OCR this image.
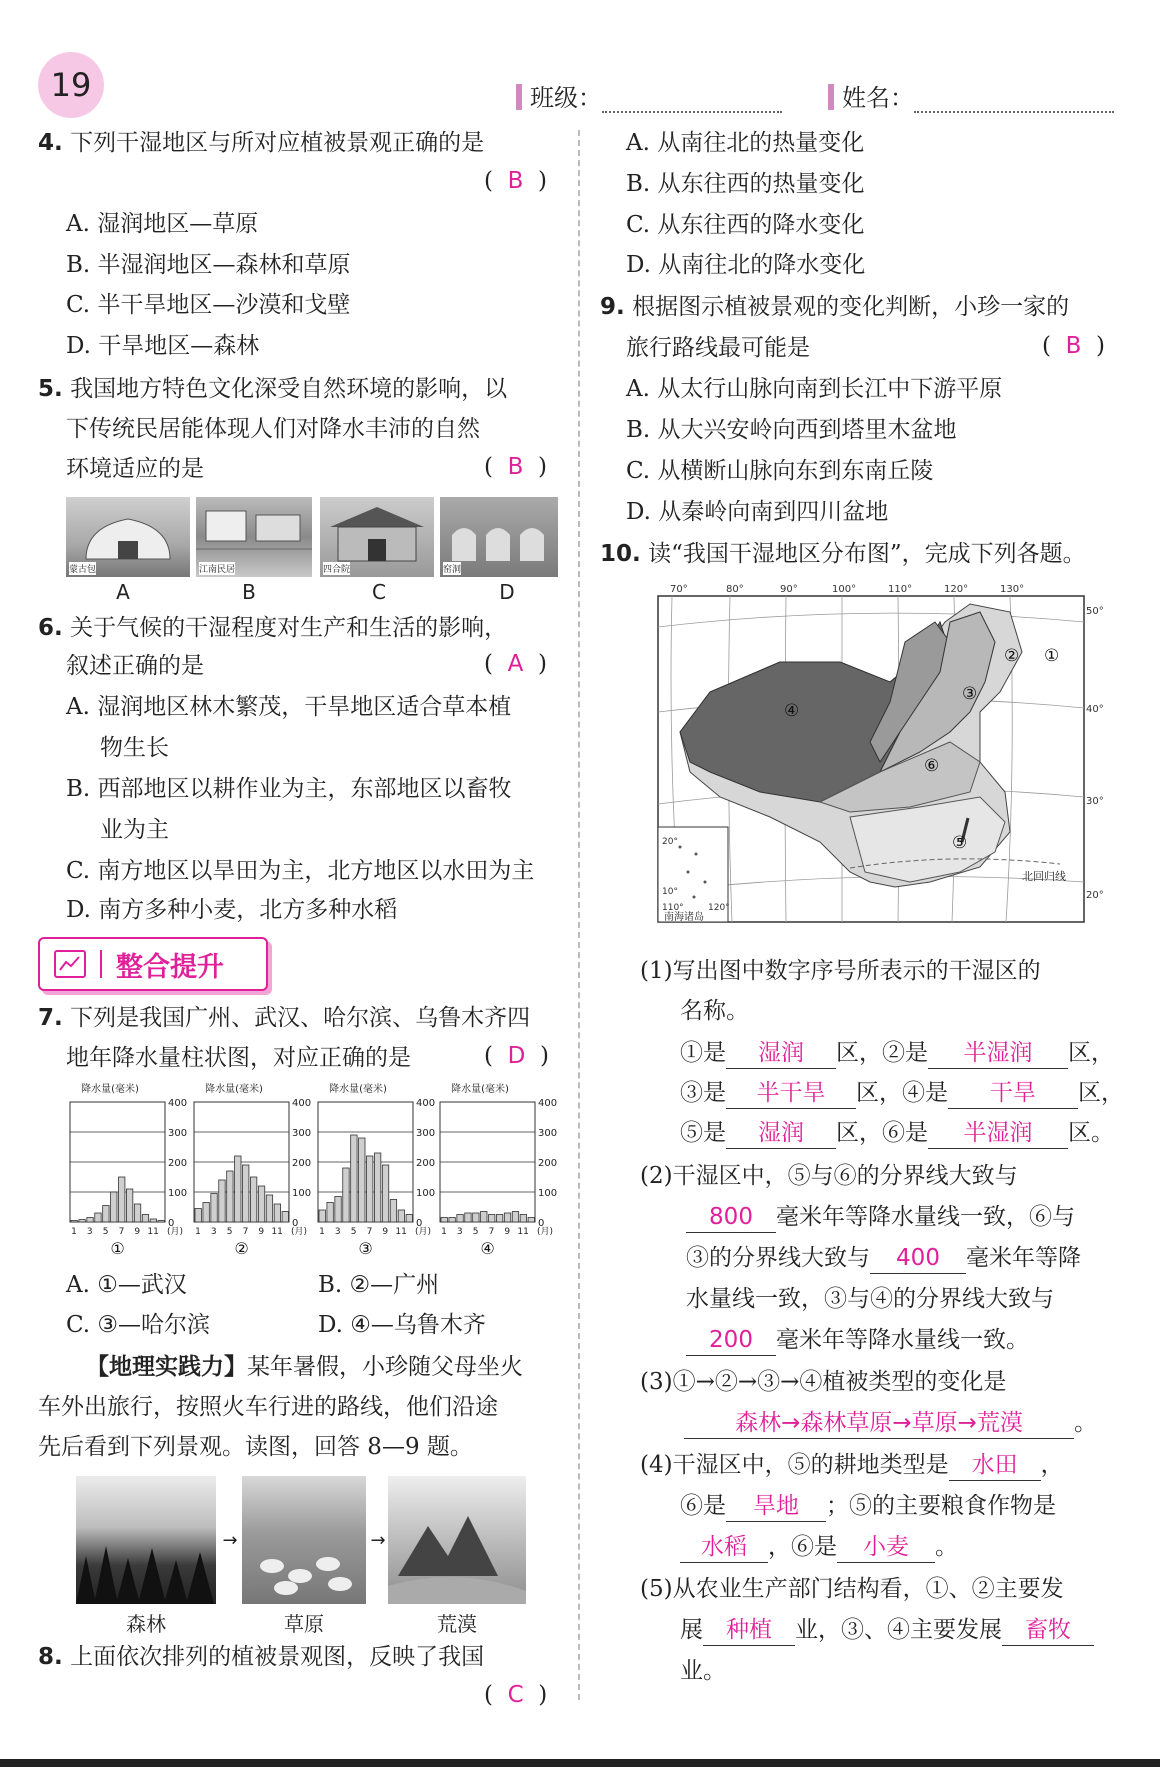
19	班级：	姓名：
4. 下列干湿地区与所对应植被景观正确的是
(  B  )
A. 湿润地区—草原
B. 半湿润地区—森林和草原
C. 半干旱地区—沙漠和戈壁
D. 干旱地区—森林
5. 我国地方特色文化深受自然环境的影响，以
下传统民居能体现人们对降水丰沛的自然
环境适应的是	(  B  )
蒙古包	江南民居	四合院	窑洞
A	B	C	D
6. 关于气候的干湿程度对生产和生活的影响，
叙述正确的是	(  A  )
A. 湿润地区林木繁茂，干旱地区适合草本植
物生长
B. 西部地区以耕作业为主，东部地区以畜牧
业为主
C. 南方地区以旱田为主，北方地区以水田为主
D. 南方多种小麦，北方多种水稻
整合提升
7. 下列是我国广州、武汉、哈尔滨、乌鲁木齐四
地年降水量柱状图，对应正确的是	(  D  )
降水量(毫米)
400
300
200
100
0
1 3 5 7 9 11 (月)
①
降水量(毫米)
400
300
200
100
0
1 3 5 7 9 11 (月)
②
降水量(毫米)
400
300
200
100
0
1 3 5 7 9 11 (月)
③
降水量(毫米)
400
300
200
100
0
1 3 5 7 9 11 (月)
④
A. ①—武汉	B. ②—广州
C. ③—哈尔滨	D. ④—乌鲁木齐
【地理实践力】某年暑假，小珍随父母坐火
车外出旅行，按照火车行进的路线，他们沿途
先后看到下列景观。读图，回答 8—9 题。
→	→
森林	草原	荒漠
8. 上面依次排列的植被景观图，反映了我国
(  C  )
A. 从南往北的热量变化
B. 从东往西的热量变化
C. 从东往西的降水变化
D. 从南往北的降水变化
9. 根据图示植被景观的变化判断，小珍一家的
旅行路线最可能是	(  B  )
A. 从太行山脉向南到长江中下游平原
B. 从大兴安岭向西到塔里木盆地
C. 从横断山脉向东到东南丘陵
D. 从秦岭向南到四川盆地
10. 读“我国干湿地区分布图”，完成下列各题。
20°
10°
110°	120°
南海诸岛
70°	80°	90°	100°	110°	120°	130°
50°
40°
30°
20°
北回归线
①
②
③
④
⑤
⑥
(1)写出图中数字序号所表示的干湿区的
名称。
①是 湿润 区，②是 半湿润 区，
③是 半干旱 区，④是 干旱 区，
⑤是 湿润 区，⑥是 半湿润 区。
(2)干湿区中，⑤与⑥的分界线大致与
800 毫米年等降水量线一致，⑥与
③的分界线大致与 400 毫米年等降
水量线一致，③与④的分界线大致与
200 毫米年等降水量线一致。
(3)①→②→③→④植被类型的变化是
森林→森林草原→草原→荒漠 。
(4)干湿区中，⑤的耕地类型是 水田 ，
⑥是 旱地 ；⑤的主要粮食作物是
水稻 ，⑥是 小麦 。
(5)从农业生产部门结构看，①、②主要发
展 种植 业，③、④主要发展 畜牧
业。
